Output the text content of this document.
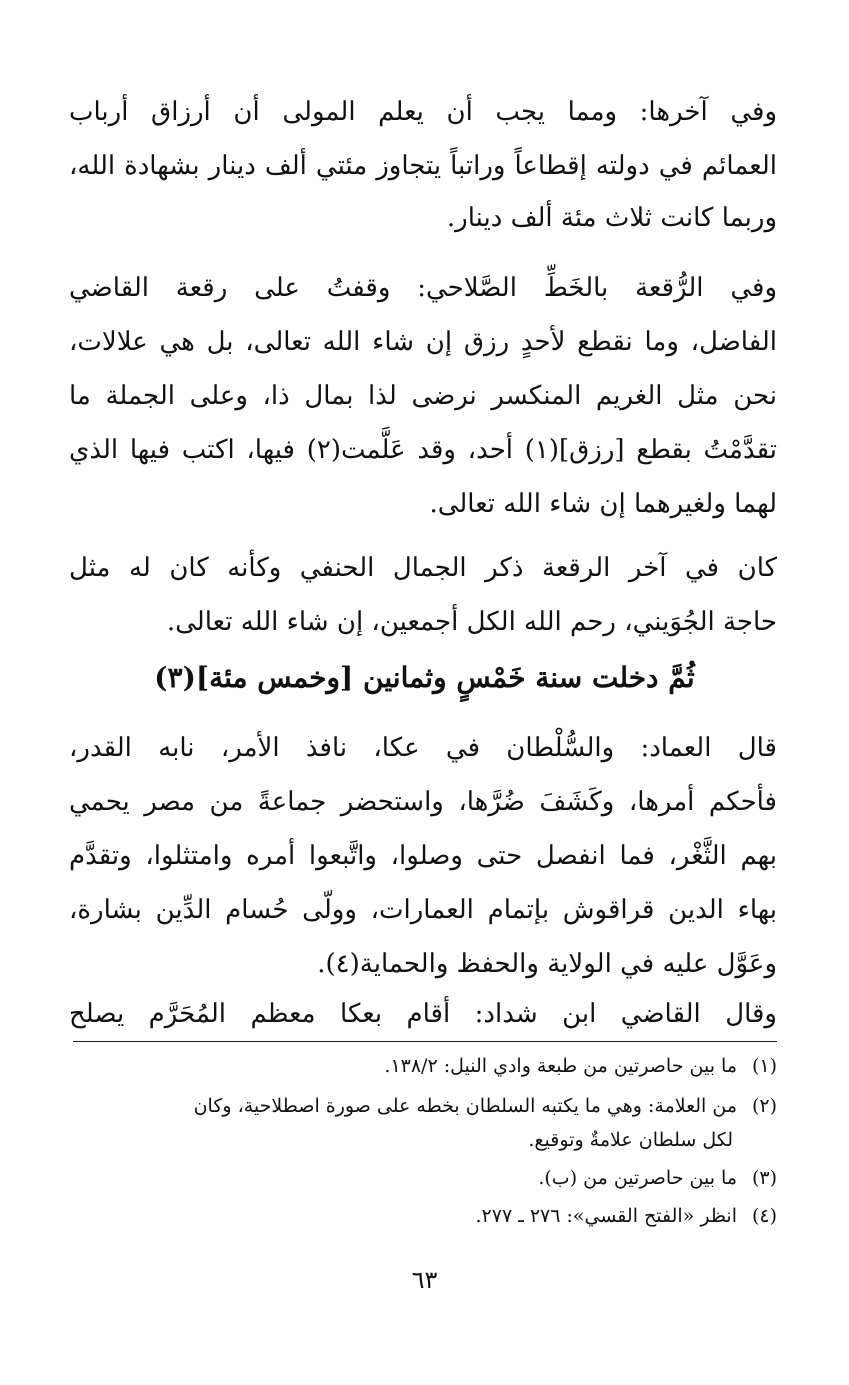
وفي آخرها: ومما يجب أن يعلم المولى أن أرزاق أرباب
العمائم في دولته إقطاعاً وراتباً يتجاوز مئتي ألف دينار بشهادة الله،
وربما كانت ثلاث مئة ألف دينار.
وفي الرُّقعة بالخَطِّ الصَّلاحي: وقفتُ على رقعة القاضي
الفاضل، وما نقطع لأحدٍ رزق إن شاء الله تعالى، بل هي علالات،
نحن مثل الغريم المنكسر نرضى لذا بمال ذا، وعلى الجملة ما
تقدَّمْتُ بقطع [رزق](١) أحد، وقد عَلَّمت(٢) فيها، اكتب فيها الذي
لهما ولغيرهما إن شاء الله تعالى.
كان في آخر الرقعة ذكر الجمال الحنفي وكأنه كان له مثل
حاجة الجُوَيني، رحم الله الكل أجمعين، إن شاء الله تعالى.
ثُمَّ دخلت سنة خَمْسٍ وثمانين [وخمس مئة](٣)
قال العماد: والسُّلْطان في عكا، نافذ الأمر، نابه القدر،
فأحكم أمرها، وكَشَفَ ضُرَّها، واستحضر جماعةً من مصر يحمي
بهم الثَّغْر، فما انفصل حتى وصلوا، واتَّبعوا أمره وامتثلوا، وتقدَّم
بهاء الدين قراقوش بإتمام العمارات، وولّى حُسام الدِّين بشارة،
وعَوَّل عليه في الولاية والحفظ والحماية(٤).
وقال القاضي ابن شداد: أقام بعكا معظم المُحَرَّم يصلح
(١)ما بين حاصرتين من طبعة وادي النيل: ١٣٨/٢.
(٢)من العلامة: وهي ما يكتبه السلطان بخطه على صورة اصطلاحية، وكان
لكل سلطان علامةٌ وتوقيع.
(٣)ما بين حاصرتين من (ب).
(٤)انظر «الفتح القسي»: ٢٧٦ ـ ٢٧٧.
٦٣
